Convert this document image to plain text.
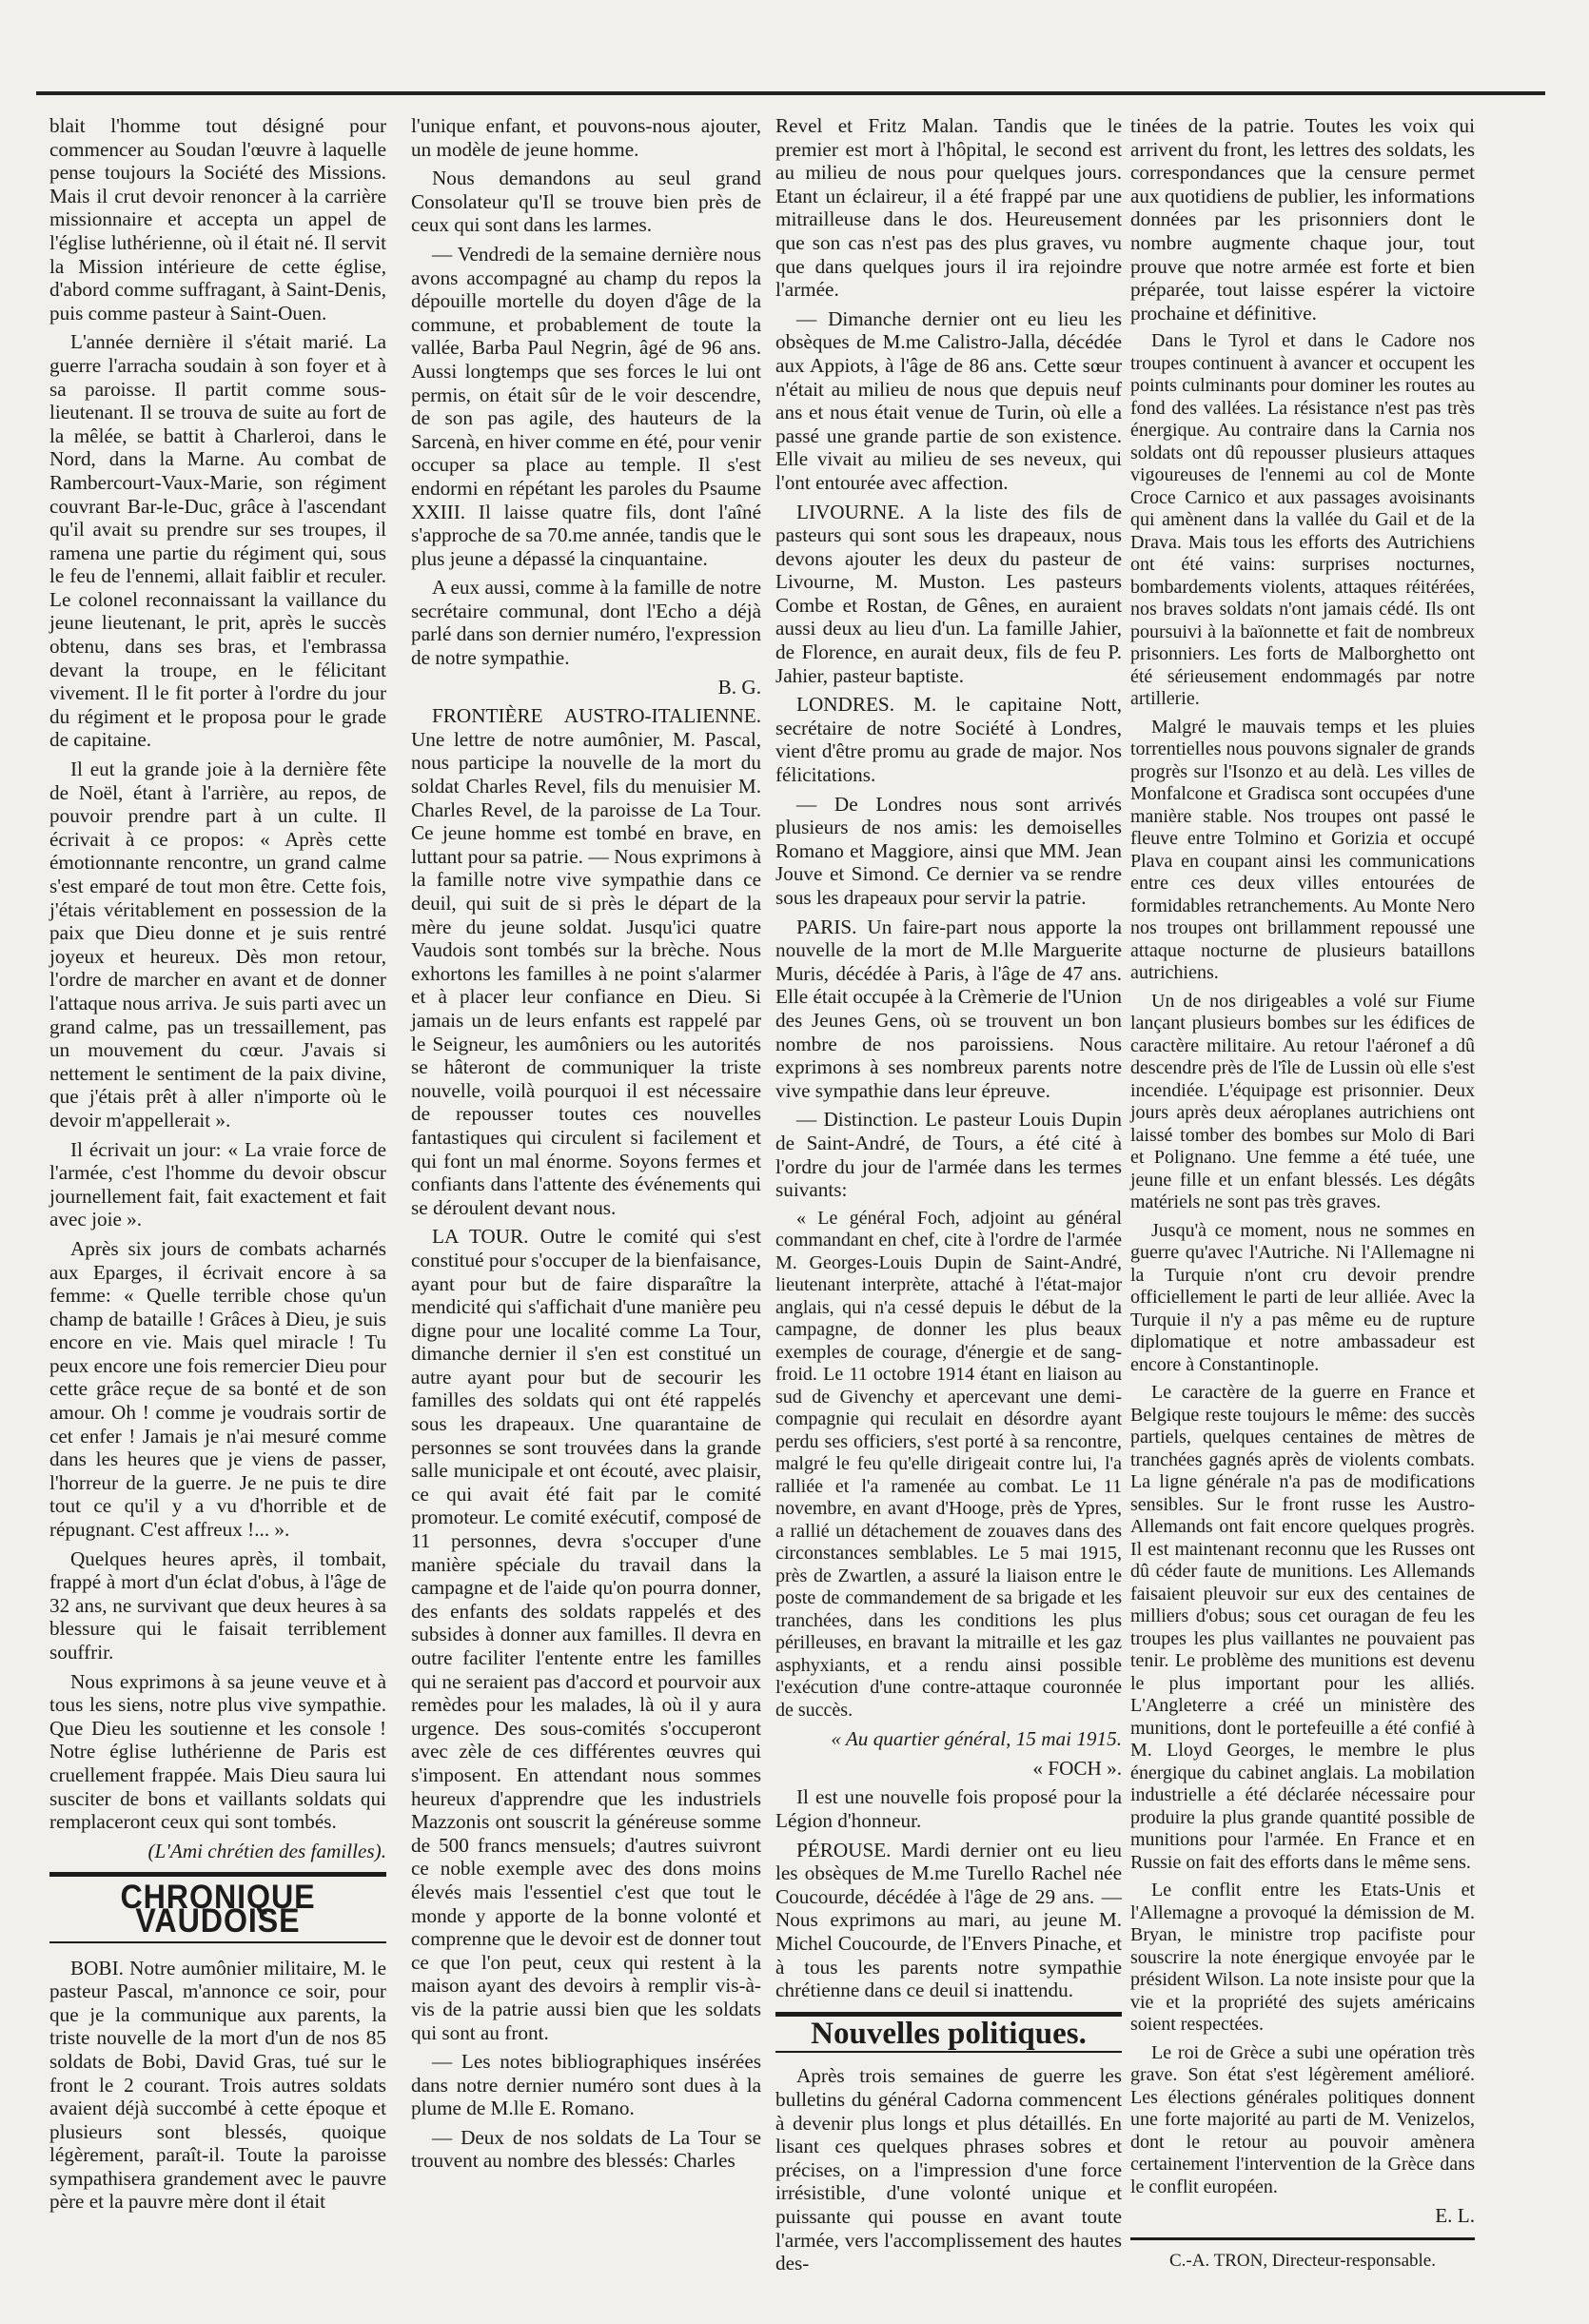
blait l'homme tout désigné pour commencer au Soudan l'œuvre à laquelle pense toujours la Société des Missions. Mais il crut devoir renoncer à la carrière missionnaire et accepta un appel de l'église luthérienne, où il était né. Il servit la Mission intérieure de cette église, d'abord comme suffragant, à Saint-Denis, puis comme pasteur à Saint-Ouen.

L'année dernière il s'était marié. La guerre l'arracha soudain à son foyer et à sa paroisse. Il partit comme sous-lieutenant. Il se trouva de suite au fort de la mêlée, se battit à Charleroi, dans le Nord, dans la Marne. Au combat de Rambercourt-Vaux-Marie, son régiment couvrant Bar-le-Duc, grâce à l'ascendant qu'il avait su prendre sur ses troupes, il ramena une partie du régiment qui, sous le feu de l'ennemi, allait faiblir et reculer. Le colonel reconnaissant la vaillance du jeune lieutenant, le prit, après le succès obtenu, dans ses bras, et l'embrassa devant la troupe, en le félicitant vivement. Il le fit porter à l'ordre du jour du régiment et le proposa pour le grade de capitaine.

Il eut la grande joie à la dernière fête de Noël, étant à l'arrière, au repos, de pouvoir prendre part à un culte. Il écrivait à ce propos: « Après cette émotionnante rencontre, un grand calme s'est emparé de tout mon être. Cette fois, j'étais véritablement en possession de la paix que Dieu donne et je suis rentré joyeux et heureux. Dès mon retour, l'ordre de marcher en avant et de donner l'attaque nous arriva. Je suis parti avec un grand calme, pas un tressaillement, pas un mouvement du cœur. J'avais si nettement le sentiment de la paix divine, que j'étais prêt à aller n'importe où le devoir m'appellerait ».

Il écrivait un jour: « La vraie force de l'armée, c'est l'homme du devoir obscur journellement fait, fait exactement et fait avec joie ».

Après six jours de combats acharnés aux Eparges, il écrivait encore à sa femme: « Quelle terrible chose qu'un champ de bataille ! Grâces à Dieu, je suis encore en vie. Mais quel miracle ! Tu peux encore une fois remercier Dieu pour cette grâce reçue de sa bonté et de son amour. Oh ! comme je voudrais sortir de cet enfer ! Jamais je n'ai mesuré comme dans les heures que je viens de passer, l'horreur de la guerre. Je ne puis te dire tout ce qu'il y a vu d'horrible et de répugnant. C'est affreux !... ».

Quelques heures après, il tombait, frappé à mort d'un éclat d'obus, à l'âge de 32 ans, ne survivant que deux heures à sa blessure qui le faisait terriblement souffrir.

Nous exprimons à sa jeune veuve et à tous les siens, notre plus vive sympathie. Que Dieu les soutienne et les console ! Notre église luthérienne de Paris est cruellement frappée. Mais Dieu saura lui susciter de bons et vaillants soldats qui remplaceront ceux qui sont tombés.

(L'Ami chrétien des familles).

CHRONIQUE VAUDOISE

BOBI. Notre aumônier militaire, M. le pasteur Pascal, m'annonce ce soir, pour que je la communique aux parents, la triste nouvelle de la mort d'un de nos 85 soldats de Bobi, David Gras, tué sur le front le 2 courant. Trois autres soldats avaient déjà succombé à cette époque et plusieurs sont blessés, quoique légèrement, paraît-il. Toute la paroisse sympathisera grandement avec le pauvre père et la pauvre mère dont il était

l'unique enfant, et pouvons-nous ajouter, un modèle de jeune homme.

Nous demandons au seul grand Consolateur qu'Il se trouve bien près de ceux qui sont dans les larmes.

— Vendredi de la semaine dernière nous avons accompagné au champ du repos la dépouille mortelle du doyen d'âge de la commune, et probablement de toute la vallée, Barba Paul Negrin, âgé de 96 ans. Aussi longtemps que ses forces le lui ont permis, on était sûr de le voir descendre, de son pas agile, des hauteurs de la Sarcenà, en hiver comme en été, pour venir occuper sa place au temple. Il s'est endormi en répétant les paroles du Psaume XXIII. Il laisse quatre fils, dont l'aîné s'approche de sa 70.me année, tandis que le plus jeune a dépassé la cinquantaine.

A eux aussi, comme à la famille de notre secrétaire communal, dont l'Echo a déjà parlé dans son dernier numéro, l'expression de notre sympathie.

B. G.

FRONTIÈRE AUSTRO-ITALIENNE. Une lettre de notre aumônier, M. Pascal, nous participe la nouvelle de la mort du soldat Charles Revel, fils du menuisier M. Charles Revel, de la paroisse de La Tour. Ce jeune homme est tombé en brave, en luttant pour sa patrie. — Nous exprimons à la famille notre vive sympathie dans ce deuil, qui suit de si près le départ de la mère du jeune soldat. Jusqu'ici quatre Vaudois sont tombés sur la brèche. Nous exhortons les familles à ne point s'alarmer et à placer leur confiance en Dieu. Si jamais un de leurs enfants est rappelé par le Seigneur, les aumôniers ou les autorités se hâteront de communiquer la triste nouvelle, voilà pourquoi il est nécessaire de repousser toutes ces nouvelles fantastiques qui circulent si facilement et qui font un mal énorme. Soyons fermes et confiants dans l'attente des événements qui se déroulent devant nous.

LA TOUR. Outre le comité qui s'est constitué pour s'occuper de la bienfaisance, ayant pour but de faire disparaître la mendicité qui s'affichait d'une manière peu digne pour une localité comme La Tour, dimanche dernier il s'en est constitué un autre ayant pour but de secourir les familles des soldats qui ont été rappelés sous les drapeaux. Une quarantaine de personnes se sont trouvées dans la grande salle municipale et ont écouté, avec plaisir, ce qui avait été fait par le comité promoteur. Le comité exécutif, composé de 11 personnes, devra s'occuper d'une manière spéciale du travail dans la campagne et de l'aide qu'on pourra donner, des enfants des soldats rappelés et des subsides à donner aux familles. Il devra en outre faciliter l'entente entre les familles qui ne seraient pas d'accord et pourvoir aux remèdes pour les malades, là où il y aura urgence. Des sous-comités s'occuperont avec zèle de ces différentes œuvres qui s'imposent. En attendant nous sommes heureux d'apprendre que les industriels Mazzonis ont souscrit la généreuse somme de 500 francs mensuels; d'autres suivront ce noble exemple avec des dons moins élevés mais l'essentiel c'est que tout le monde y apporte de la bonne volonté et comprenne que le devoir est de donner tout ce que l'on peut, ceux qui restent à la maison ayant des devoirs à remplir vis-à-vis de la patrie aussi bien que les soldats qui sont au front.

— Les notes bibliographiques insérées dans notre dernier numéro sont dues à la plume de M.lle E. Romano.

— Deux de nos soldats de La Tour se trouvent au nombre des blessés: Charles

Revel et Fritz Malan. Tandis que le premier est mort à l'hôpital, le second est au milieu de nous pour quelques jours. Etant un éclaireur, il a été frappé par une mitrailleuse dans le dos. Heureusement que son cas n'est pas des plus graves, vu que dans quelques jours il ira rejoindre l'armée.

— Dimanche dernier ont eu lieu les obsèques de M.me Calistro-Jalla, décédée aux Appiots, à l'âge de 86 ans. Cette sœur n'était au milieu de nous que depuis neuf ans et nous était venue de Turin, où elle a passé une grande partie de son existence. Elle vivait au milieu de ses neveux, qui l'ont entourée avec affection.

LIVOURNE. A la liste des fils de pasteurs qui sont sous les drapeaux, nous devons ajouter les deux du pasteur de Livourne, M. Muston. Les pasteurs Combe et Rostan, de Gênes, en auraient aussi deux au lieu d'un. La famille Jahier, de Florence, en aurait deux, fils de feu P. Jahier, pasteur baptiste.

LONDRES. M. le capitaine Nott, secrétaire de notre Société à Londres, vient d'être promu au grade de major. Nos félicitations.

— De Londres nous sont arrivés plusieurs de nos amis: les demoiselles Romano et Maggiore, ainsi que MM. Jean Jouve et Simond. Ce dernier va se rendre sous les drapeaux pour servir la patrie.

PARIS. Un faire-part nous apporte la nouvelle de la mort de M.lle Marguerite Muris, décédée à Paris, à l'âge de 47 ans. Elle était occupée à la Crèmerie de l'Union des Jeunes Gens, où se trouvent un bon nombre de nos paroissiens. Nous exprimons à ses nombreux parents notre vive sympathie dans leur épreuve.

— Distinction. Le pasteur Louis Dupin de Saint-André, de Tours, a été cité à l'ordre du jour de l'armée dans les termes suivants:

« Le général Foch, adjoint au général commandant en chef, cite à l'ordre de l'armée M. Georges-Louis Dupin de Saint-André, lieutenant interprète, attaché à l'état-major anglais, qui n'a cessé depuis le début de la campagne, de donner les plus beaux exemples de courage, d'énergie et de sang-froid. Le 11 octobre 1914 étant en liaison au sud de Givenchy et apercevant une demi-compagnie qui reculait en désordre ayant perdu ses officiers, s'est porté à sa rencontre, malgré le feu qu'elle dirigeait contre lui, l'a ralliée et l'a ramenée au combat. Le 11 novembre, en avant d'Hooge, près de Ypres, a rallié un détachement de zouaves dans des circonstances semblables. Le 5 mai 1915, près de Zwartlen, a assuré la liaison entre le poste de commandement de sa brigade et les tranchées, dans les conditions les plus périlleuses, en bravant la mitraille et les gaz asphyxiants, et a rendu ainsi possible l'exécution d'une contre-attaque couronnée de succès.

« Au quartier général, 15 mai 1915.

« FOCH ».

Il est une nouvelle fois proposé pour la Légion d'honneur.

PÉROUSE. Mardi dernier ont eu lieu les obsèques de M.me Turello Rachel née Coucourde, décédée à l'âge de 29 ans. — Nous exprimons au mari, au jeune M. Michel Coucourde, de l'Envers Pinache, et à tous les parents notre sympathie chrétienne dans ce deuil si inattendu.

Nouvelles politiques.

Après trois semaines de guerre les bulletins du général Cadorna commencent à devenir plus longs et plus détaillés. En lisant ces quelques phrases sobres et précises, on a l'impression d'une force irrésistible, d'une volonté unique et puissante qui pousse en avant toute l'armée, vers l'accomplissement des hautes des-

tinées de la patrie. Toutes les voix qui arrivent du front, les lettres des soldats, les correspondances que la censure permet aux quotidiens de publier, les informations données par les prisonniers dont le nombre augmente chaque jour, tout prouve que notre armée est forte et bien préparée, tout laisse espérer la victoire prochaine et définitive.

Dans le Tyrol et dans le Cadore nos troupes continuent à avancer et occupent les points culminants pour dominer les routes au fond des vallées. La résistance n'est pas très énergique. Au contraire dans la Carnia nos soldats ont dû repousser plusieurs attaques vigoureuses de l'ennemi au col de Monte Croce Carnico et aux passages avoisinants qui amènent dans la vallée du Gail et de la Drava. Mais tous les efforts des Autrichiens ont été vains: surprises nocturnes, bombardements violents, attaques réitérées, nos braves soldats n'ont jamais cédé. Ils ont poursuivi à la baïonnette et fait de nombreux prisonniers. Les forts de Malborghetto ont été sérieusement endommagés par notre artillerie.

Malgré le mauvais temps et les pluies torrentielles nous pouvons signaler de grands progrès sur l'Isonzo et au delà. Les villes de Monfalcone et Gradisca sont occupées d'une manière stable. Nos troupes ont passé le fleuve entre Tolmino et Gorizia et occupé Plava en coupant ainsi les communications entre ces deux villes entourées de formidables retranchements. Au Monte Nero nos troupes ont brillamment repoussé une attaque nocturne de plusieurs bataillons autrichiens.

Un de nos dirigeables a volé sur Fiume lançant plusieurs bombes sur les édifices de caractère militaire. Au retour l'aéronef a dû descendre près de l'île de Lussin où elle s'est incendiée. L'équipage est prisonnier. Deux jours après deux aéroplanes autrichiens ont laissé tomber des bombes sur Molo di Bari et Polignano. Une femme a été tuée, une jeune fille et un enfant blessés. Les dégâts matériels ne sont pas très graves.

Jusqu'à ce moment, nous ne sommes en guerre qu'avec l'Autriche. Ni l'Allemagne ni la Turquie n'ont cru devoir prendre officiellement le parti de leur alliée. Avec la Turquie il n'y a pas même eu de rupture diplomatique et notre ambassadeur est encore à Constantinople.

Le caractère de la guerre en France et Belgique reste toujours le même: des succès partiels, quelques centaines de mètres de tranchées gagnés après de violents combats. La ligne générale n'a pas de modifications sensibles. Sur le front russe les Austro-Allemands ont fait encore quelques progrès. Il est maintenant reconnu que les Russes ont dû céder faute de munitions. Les Allemands faisaient pleuvoir sur eux des centaines de milliers d'obus; sous cet ouragan de feu les troupes les plus vaillantes ne pouvaient pas tenir. Le problème des munitions est devenu le plus important pour les alliés. L'Angleterre a créé un ministère des munitions, dont le portefeuille a été confié à M. Lloyd Georges, le membre le plus énergique du cabinet anglais. La mobilation industrielle a été déclarée nécessaire pour produire la plus grande quantité possible de munitions pour l'armée. En France et en Russie on fait des efforts dans le même sens.

Le conflit entre les Etats-Unis et l'Allemagne a provoqué la démission de M. Bryan, le ministre trop pacifiste pour souscrire la note énergique envoyée par le président Wilson. La note insiste pour que la vie et la propriété des sujets américains soient respectées.

Le roi de Grèce a subi une opération très grave. Son état s'est légèrement amélioré. Les élections générales politiques donnent une forte majorité au parti de M. Venizelos, dont le retour au pouvoir amènera certainement l'intervention de la Grèce dans le conflit européen.

E. L.

C.-A. TRON, Directeur-responsable.
